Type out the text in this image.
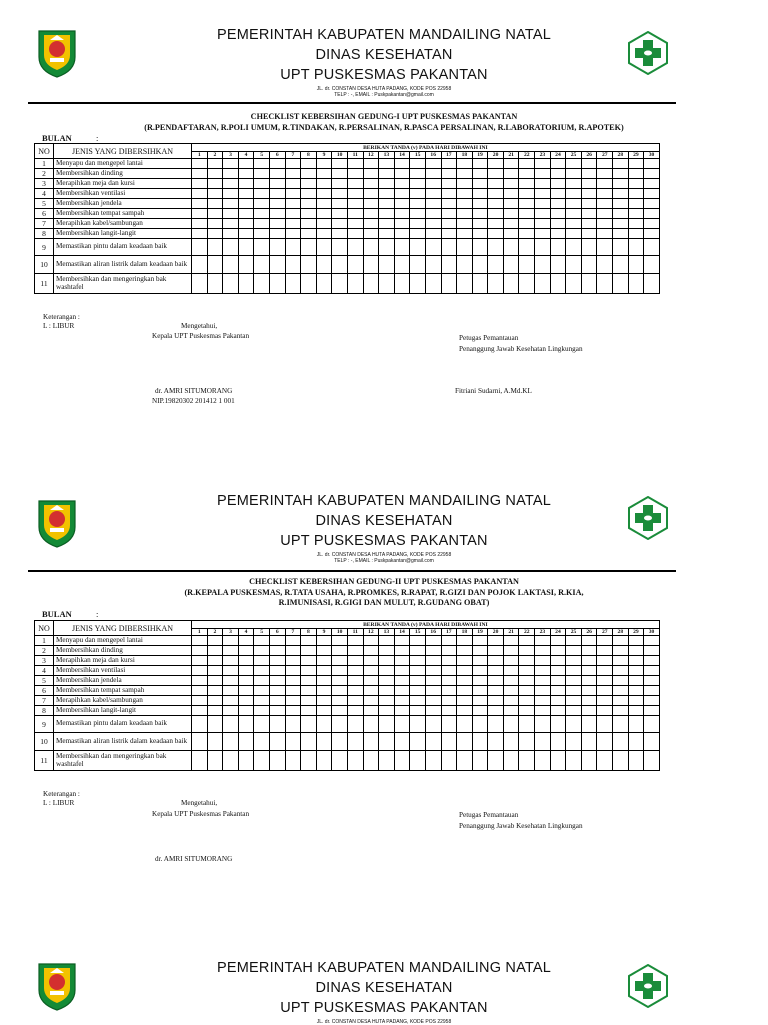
PEMERINTAH KABUPATEN MANDAILING NATAL
DINAS KESEHATAN
UPT PUSKESMAS PAKANTAN
JL. dr. CONSTAN DESA HUTA PADANG, KODE POS 22958
TELP : -, EMAIL : Puskpakantan@gmail.com
CHECKLIST KEBERSIHAN GEDUNG-I UPT PUSKESMAS PAKANTAN
(R.PENDAFTARAN, R.POLI UMUM, R.TINDAKAN, R.PERSALINAN, R.PASCA PERSALINAN, R.LABORATORIUM, R.APOTEK)
BULAN	:
NO	JENIS YANG DIBERSIHKAN	BERIKAN TANDA (v) PADA HARI DIBAWAH INI																													
		1	2	3	4	5	6	7	8	9	10	11	12	13	14	15	16	17	18	19	20	21	22	23	24	25	26	27	28	29	30
1	Menyapu dan mengepel lantai																														
2	Membersihkan dinding																														
3	Merapihkan meja dan kursi																														
4	Membersihkan ventilasi																														
5	Membersihkan jendela																														
6	Membersihkan tempat sampah																														
7	Merapihkan kabel/sambungan																														
8	Membersihkan langit-langit																														
9	Memastikan pintu dalam keadaan baik																														
10	Memastikan aliran listrik dalam keadaan baik																														
11	Membersihkan dan mengeringkan bak washtafel																														
Keterangan :
L : LIBUR	Mengetahui,
Kepala UPT Puskesmas Pakantan	Petugas Pemantauan
Penanggung Jawab Kesehatan Lingkungan
dr. AMRI SITUMORANG
NIP.19820302 201412 1 001
Fitriani Sudarni, A.Md.KL
PEMERINTAH KABUPATEN MANDAILING NATAL
DINAS KESEHATAN
UPT PUSKESMAS PAKANTAN
JL. dr. CONSTAN DESA HUTA PADANG, KODE POS 22958
TELP : -, EMAIL : Puskpakantan@gmail.com
CHECKLIST KEBERSIHAN GEDUNG-II UPT PUSKESMAS PAKANTAN
(R.KEPALA PUSKESMAS, R.TATA USAHA, R.PROMKES, R.RAPAT, R.GIZI DAN POJOK LAKTASI, R.KIA,
R.IMUNISASI, R.GIGI DAN MULUT, R.GUDANG OBAT)
BULAN	:
NO	JENIS YANG DIBERSIHKAN	BERIKAN TANDA (v) PADA HARI DIBAWAH INI																													
		1	2	3	4	5	6	7	8	9	10	11	12	13	14	15	16	17	18	19	20	21	22	23	24	25	26	27	28	29	30
1	Menyapu dan mengepel lantai																														
2	Membersihkan dinding																														
3	Merapihkan meja dan kursi																														
4	Membersihkan ventilasi																														
5	Membersihkan jendela																														
6	Membersihkan tempat sampah																														
7	Merapihkan kabel/sambungan																														
8	Membersihkan langit-langit																														
9	Memastikan pintu dalam keadaan baik																														
10	Memastikan aliran listrik dalam keadaan baik																														
11	Membersihkan dan mengeringkan bak washtafel																														
Keterangan :
L : LIBUR	Mengetahui,
Kepala UPT Puskesmas Pakantan	Petugas Pemantauan
Penanggung Jawab Kesehatan Lingkungan
dr. AMRI SITUMORANG
PEMERINTAH KABUPATEN MANDAILING NATAL
DINAS KESEHATAN
UPT PUSKESMAS PAKANTAN
JL. dr. CONSTAN DESA HUTA PADANG, KODE POS 22958
